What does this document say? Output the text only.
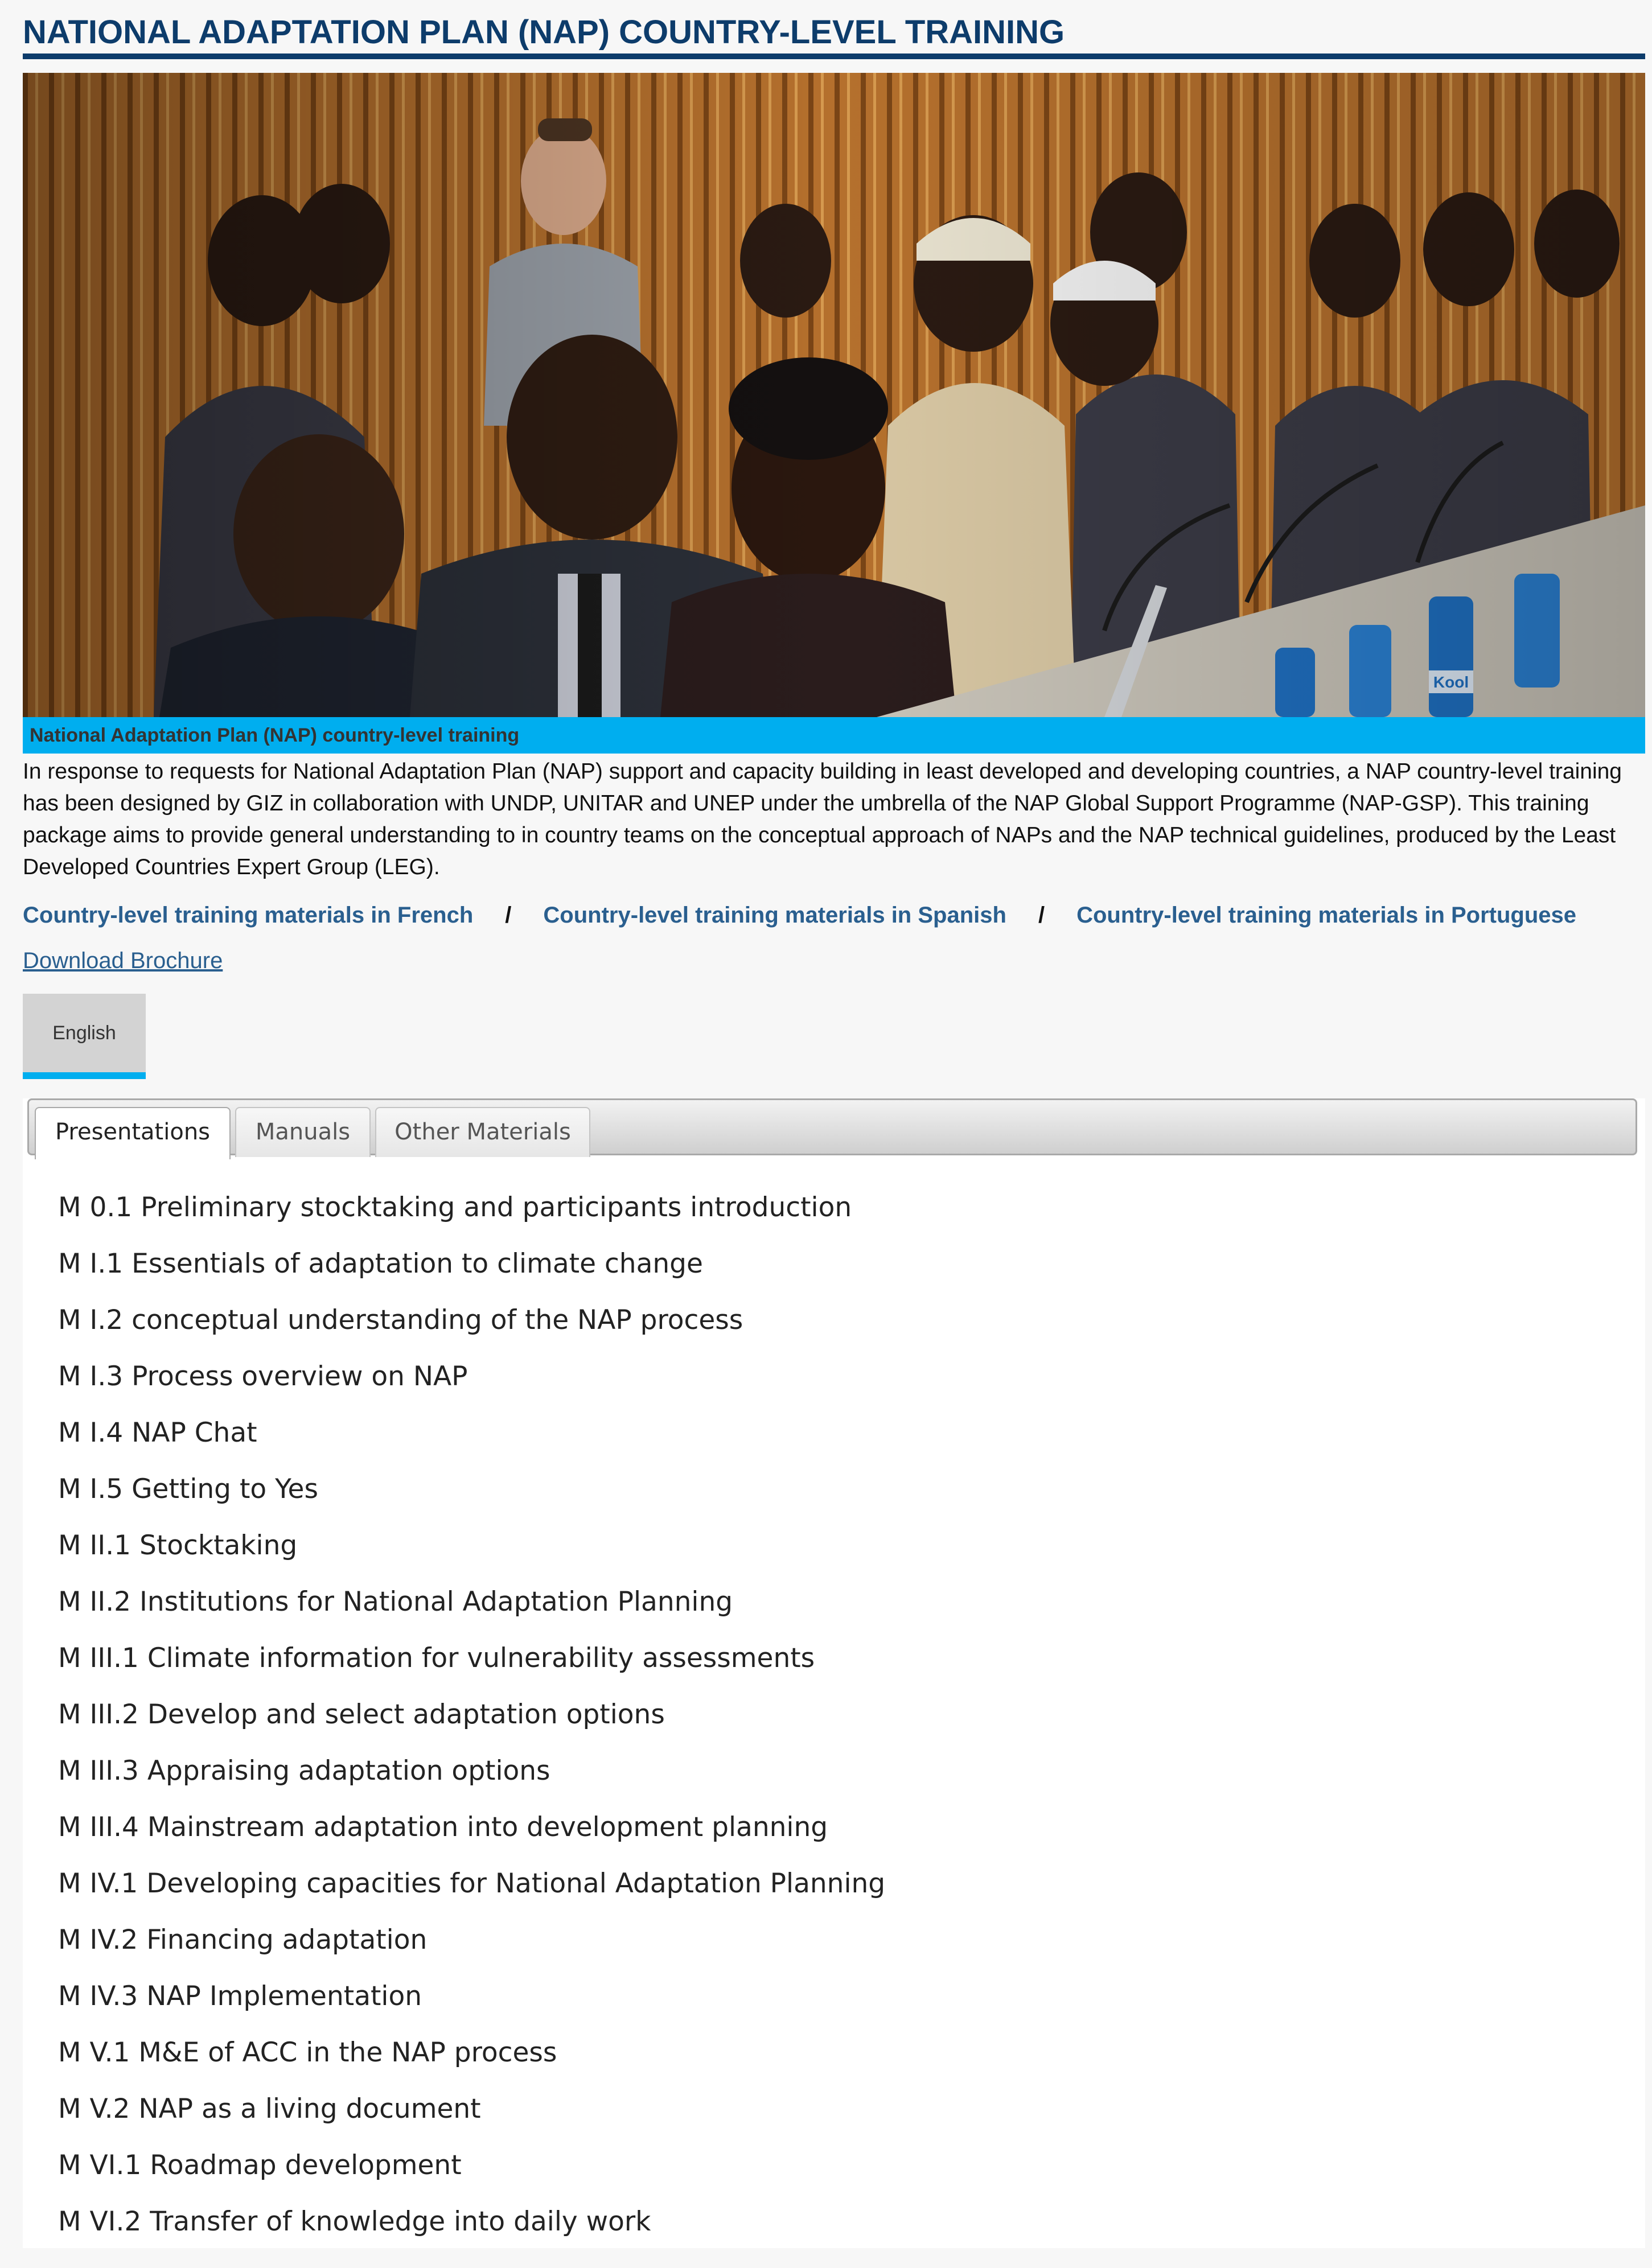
NATIONAL ADAPTATION PLAN (NAP) COUNTRY-LEVEL TRAINING
National Adaptation Plan (NAP) country-level training

In response to requests for National Adaptation Plan (NAP) support and capacity building in least developed and developing countries, a NAP country-level training has been designed by GIZ in collaboration with UNDP, UNITAR and UNEP under the umbrella of the NAP Global Support Programme (NAP-GSP). This training package aims to provide general understanding to in country teams on the conceptual approach of NAPs and the NAP technical guidelines, produced by the Least Developed Countries Expert Group (LEG).

Country-level training materials in French / Country-level training materials in Spanish / Country-level training materials in Portuguese
Download Brochure
English
Presentations	Manuals	Other Materials
M 0.1 Preliminary stocktaking and participants introduction
M I.1 Essentials of adaptation to climate change
M I.2 conceptual understanding of the NAP process
M I.3 Process overview on NAP
M I.4 NAP Chat
M I.5 Getting to Yes
M II.1 Stocktaking
M II.2 Institutions for National Adaptation Planning
M III.1 Climate information for vulnerability assessments
M III.2 Develop and select adaptation options
M III.3 Appraising adaptation options
M III.4 Mainstream adaptation into development planning
M IV.1 Developing capacities for National Adaptation Planning
M IV.2 Financing adaptation
M IV.3 NAP Implementation
M V.1 M&E of ACC in the NAP process
M V.2 NAP as a living document
M VI.1 Roadmap development
M VI.2 Transfer of knowledge into daily work
